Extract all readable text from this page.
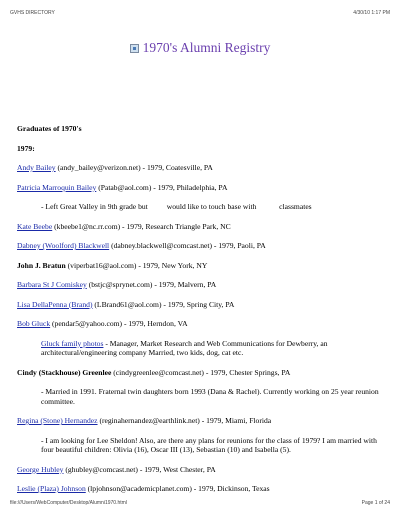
GVHS DIRECTORY	4/30/10 1:17 PM
1970's Alumni Registry

Graduates of 1970's

1979:

Andy Bailey (andy_bailey@verizon.net) - 1979, Coatesville, PA

Patricia Marroquin Bailey (Patab@aol.com) - 1979, Philadelphia, PA

- Left Great Valley in 9th grade but          would like to touch base with            classmates

Kate Beebe (kbeebe1@nc.rr.com) - 1979, Research Triangle Park, NC

Dabney (Woolford) Blackwell (dabney.blackwell@comcast.net) - 1979, Paoli, PA

John J. Bratun (viperbat16@aol.com) - 1979, New York, NY

Barbara St J Comiskey (bstjc@sprynet.com) - 1979, Malvern, PA

Lisa DellaPenna (Brand) (LBrand61@aol.com) - 1979, Spring City, PA

Bob Gluck (pendar5@yahoo.com) - 1979, Herndon, VA

Gluck family photos - Manager, Market Research and Web Communications for Dewberry, an architectural/engineering company Married, two kids, dog, cat etc.

Cindy (Stackhouse) Greenlee (cindygreenlee@comcast.net) - 1979, Chester Springs, PA

- Married in 1991. Fraternal twin daughters born 1993 (Dana & Rachel). Currently working on 25 year reunion committee.

Regina (Stone) Hernandez (reginahernandez@earthlink.net) - 1979, Miami, Florida

- I am looking for Lee Sheldon! Also, are there any plans for reunions for the class of 1979? I am married with four beautiful children: Olivia (16), Oscar III (13), Sebastian (10) and Isabella (5).

George Hubley (ghubley@comcast.net) - 1979, West Chester, PA

Leslie (Plaza) Johnson (lpjohnson@academicplanet.com) - 1979, Dickinson, Texas

file:///Users/WebComputer/Desktop/Alumni1970.html	Page 1 of 24
